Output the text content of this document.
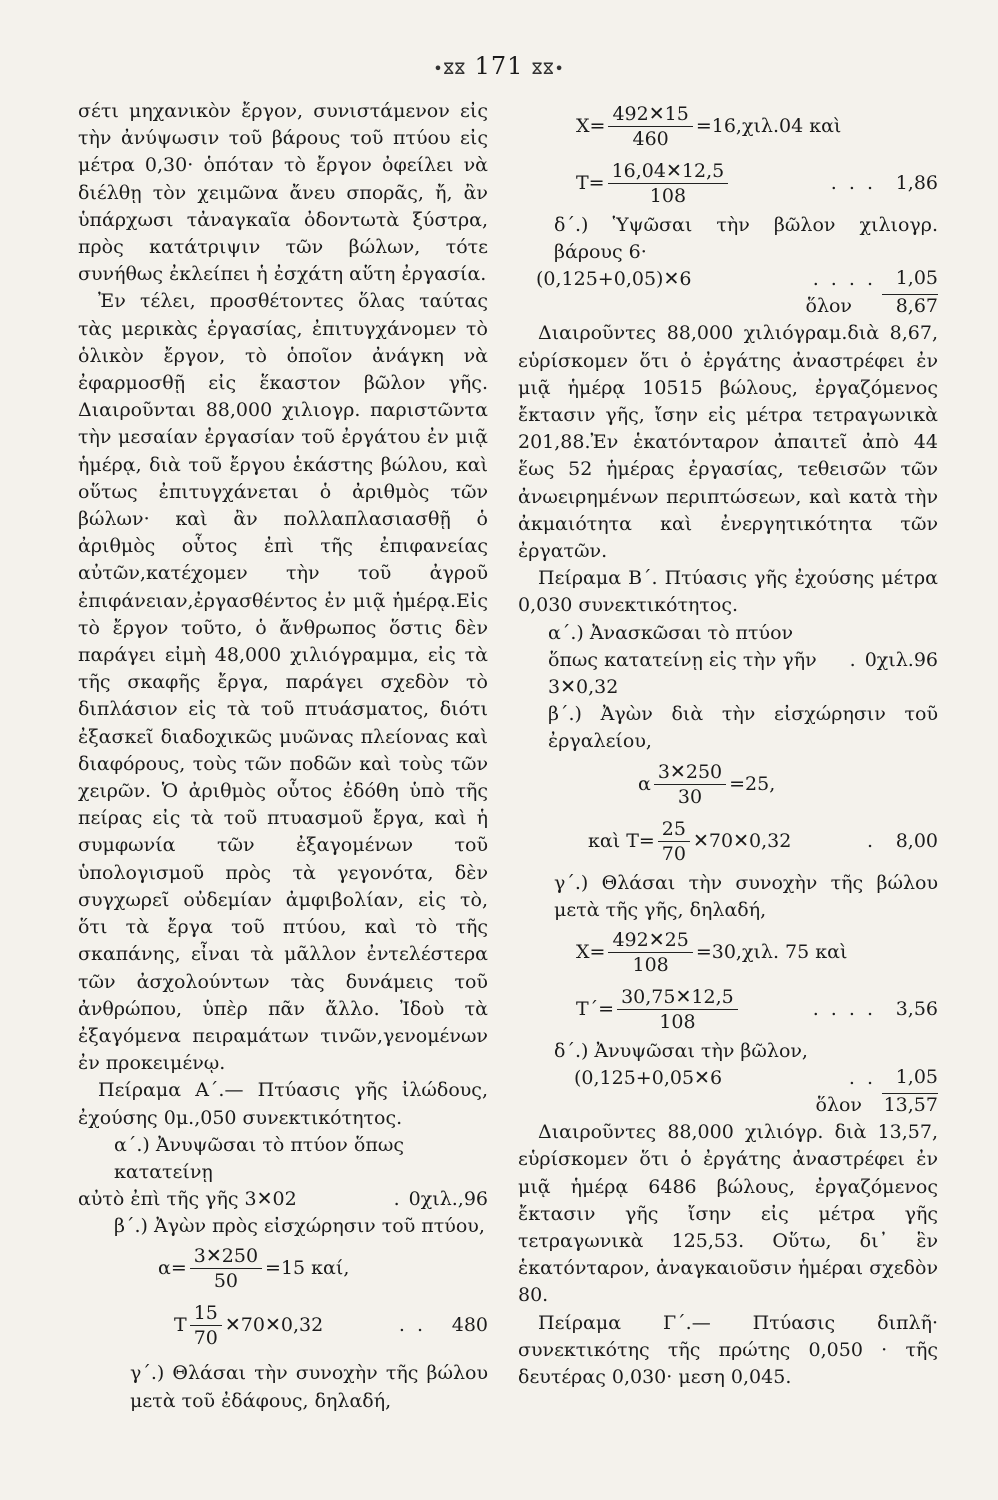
•ⴵⴵ 171 ⴵⴵ•

σέτι μηχανικὸν ἔργον, συνιστάμενον εἰς τὴν ἀνύψωσιν τοῦ βάρους τοῦ πτύου εἰς μέτρα 0,30· ὁπόταν τὸ ἔργον ὀφείλει νὰ διέλθῃ τὸν χειμῶνα ἄνευ σπορᾶς, ἤ, ἂν ὑπάρχωσι τἀναγκαῖα ὀδοντωτὰ ξύστρα, πρὸς κατάτριψιν τῶν βώλων, τότε συνήθως ἐκλείπει ἡ ἐσχάτη αὕτη ἐργασία.

Ἐν τέλει, προσθέτοντες ὅλας ταύτας τὰς μερικὰς ἐργασίας, ἐπιτυγχάνομεν τὸ ὁλικὸν ἔργον, τὸ ὁποῖον ἀνάγκη νὰ ἐφαρμοσθῇ εἰς ἕκαστον βῶλον γῆς. Διαιροῦνται 88,000 χιλιογρ. παριστῶντα τὴν μεσαίαν ἐργασίαν τοῦ ἐργάτου ἐν μιᾷ ἡμέρᾳ, διὰ τοῦ ἔργου ἑκάστης βώλου, καὶ οὕτως ἐπιτυγχάνεται ὁ ἀριθμὸς τῶν βώλων· καὶ ἂν πολλαπλασιασθῇ ὁ ἀριθμὸς οὗτος ἐπὶ τῆς ἐπιφανείας αὐτῶν,κατέχομεν τὴν τοῦ ἀγροῦ ἐπιφάνειαν,ἐργασθέντος ἐν μιᾷ ἡμέρᾳ.Εἰς τὸ ἔργον τοῦτο, ὁ ἄνθρωπος ὅστις δὲν παράγει εἰμὴ 48,000 χιλιόγραμμα, εἰς τὰ τῆς σκαφῆς ἔργα, παράγει σχεδὸν τὸ διπλάσιον εἰς τὰ τοῦ πτυάσματος, διότι ἐξασκεῖ διαδοχικῶς μυῶνας πλείονας καὶ διαφόρους, τοὺς τῶν ποδῶν καὶ τοὺς τῶν χειρῶν. Ὁ ἀριθμὸς οὗτος ἐδόθη ὑπὸ τῆς πείρας εἰς τὰ τοῦ πτυασμοῦ ἔργα, καὶ ἡ συμφωνία τῶν ἐξαγομένων τοῦ ὑπολογισμοῦ πρὸς τὰ γεγονότα, δὲν συγχωρεῖ οὐδεμίαν ἀμφιβολίαν, εἰς τὸ, ὅτι τὰ ἔργα τοῦ πτύου, καὶ τὸ τῆς σκαπάνης, εἶναι τὰ μᾶλλον ἐντελέστερα τῶν ἀσχολούντων τὰς δυνάμεις τοῦ ἀνθρώπου, ὑπὲρ πᾶν ἄλλο. Ἰδοὺ τὰ ἐξαγόμενα πειραμάτων τινῶν,γενομένων ἐν προκειμένῳ.

Πείραμα Α΄.— Πτύασις γῆς ἰλώδους, ἐχούσης 0μ.,050 συνεκτικότητος.

α΄.) Ἀνυψῶσαι τὸ πτύον ὅπως κατατείνῃ
αὐτὸ ἐπὶ τῆς γῆς 3✕02	. 0χιλ.,96
β΄.) Ἀγὼν πρὸς εἰσχώρησιν τοῦ πτύου,
$\alpha= \frac{3✕250}{50} =15$ καί,
Τ $\frac{15}{70}$ ✕70✕0,32	. .	480

γ΄.) Θλάσαι τὴν συνοχὴν τῆς βώλου μετὰ τοῦ ἐδάφους, δηλαδή,

$X= \frac{492✕15}{460} =16,\chi\iota\lambda.04$ καὶ
$T= \frac{16,04✕12,5}{108}$	. . .	1,86

δ΄.) Ὑψῶσαι τὴν βῶλον χιλιογρ. βάρους 6·

(0,125+0,05)✕6	. . . .	1,05
ὅλον	8,67

Διαιροῦντες 88,000 χιλιόγραμ.διὰ 8,67, εὑρίσκομεν ὅτι ὁ ἐργάτης ἀναστρέφει ἐν μιᾷ ἡμέρᾳ 10515 βώλους, ἐργαζόμενος ἔκτασιν γῆς, ἴσην εἰς μέτρα τετραγωνικὰ 201,88.Ἐν ἑκατόνταρον ἀπαιτεῖ ἀπὸ 44 ἕως 52 ἡμέρας ἐργασίας, τεθεισῶν τῶν ἀνωειρημένων περιπτώσεων, καὶ κατὰ τὴν ἀκμαιότητα καὶ ἐνεργητικότητα τῶν ἐργατῶν.

Πείραμα Β΄. Πτύασις γῆς ἐχούσης μέτρα 0,030 συνεκτικότητος.

α΄.) Ἀνασκῶσαι τὸ πτύον ὅπως κατατείνῃ εἰς τὴν γῆν 3✕0,32
. 0χιλ.96

β΄.) Ἀγὼν διὰ τὴν εἰσχώρησιν τοῦ ἐργαλείου,

α $\frac{3✕250}{30} =25$,
καὶ $T= \frac{25}{70}$ ✕70✕0,32	.	8,00

γ΄.) Θλάσαι τὴν συνοχὴν τῆς βώλου μετὰ τῆς γῆς, δηλαδή,

$X= \frac{492✕25}{108} =30,\chi\iota\lambda$. 75 καὶ
$T΄= \frac{30,75✕12,5}{108}$	. . . .	3,56
δ΄.) Ἀνυψῶσαι τὴν βῶλον,
(0,125+0,05✕6	. .	1,05
ὅλον 13,57

Διαιροῦντες 88,000 χιλιόγρ. διὰ 13,57, εὑρίσκομεν ὅτι ὁ ἐργάτης ἀναστρέφει ἐν μιᾷ ἡμέρᾳ 6486 βώλους, ἐργαζόμενος ἔκτασιν γῆς ἴσην εἰς μέτρα γῆς τετραγωνικὰ 125,53. Οὕτω, δι᾽ ἓν ἑκατόνταρον, ἀναγκαιοῦσιν ἡμέραι σχεδὸν 80.

Πείραμα Γ΄.— Πτύασις διπλῆ· συνεκτικότης τῆς πρώτης 0,050 · τῆς δευτέρας 0,030· μεση 0,045.
